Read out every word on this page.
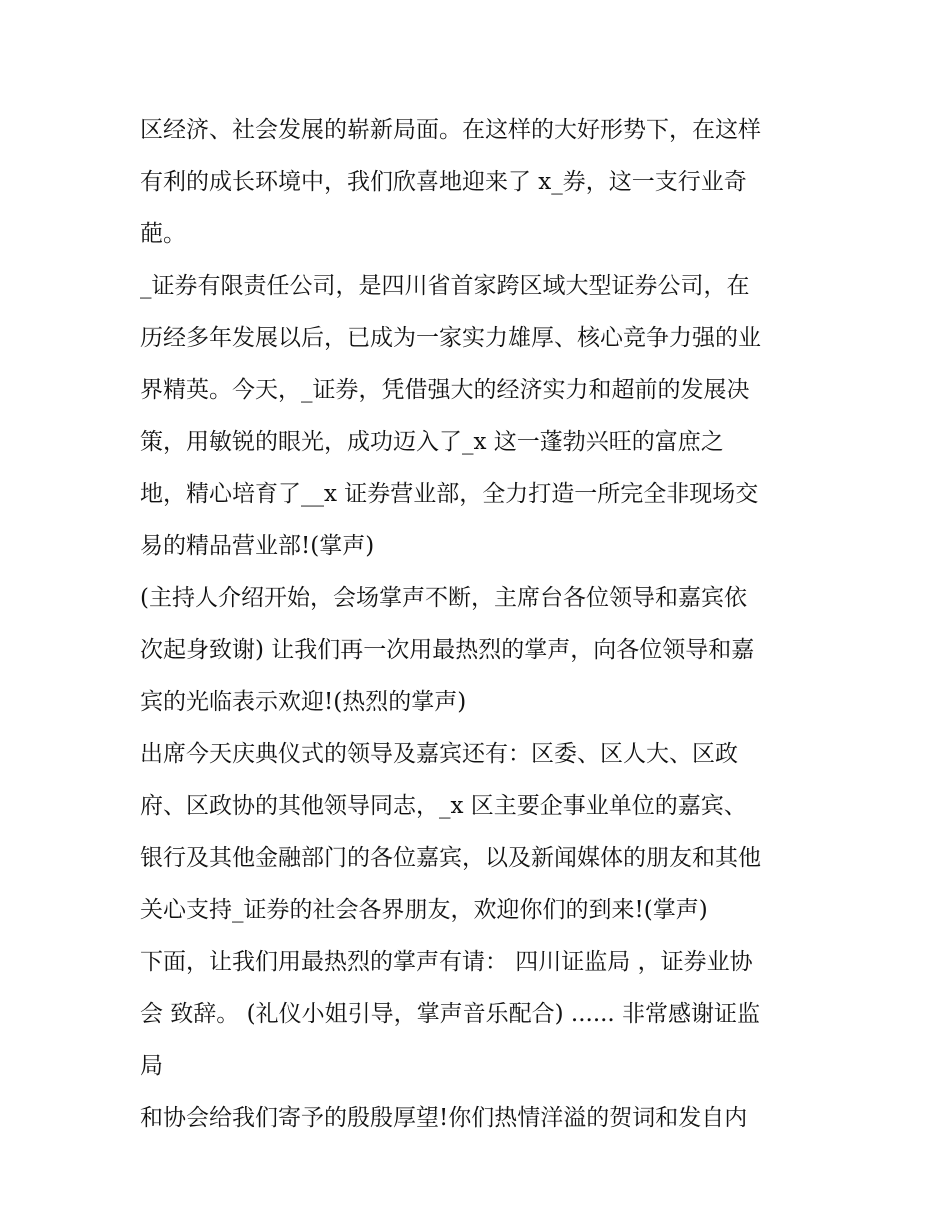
区经济、社会发展的崭新局面。在这样的大好形势下，在这样
有利的成长环境中，我们欣喜地迎来了 x_券，这一支行业奇
葩。
_证券有限责任公司，是四川省首家跨区域大型证券公司，在
历经多年发展以后，已成为一家实力雄厚、核心竞争力强的业
界精英。今天，_证券，凭借强大的经济实力和超前的发展决
策，用敏锐的眼光，成功迈入了_x 这一蓬勃兴旺的富庶之
地，精心培育了__x 证券营业部，全力打造一所完全非现场交
易的精品营业部!(掌声)
(主持人介绍开始，会场掌声不断，主席台各位领导和嘉宾依
次起身致谢) 让我们再一次用最热烈的掌声，向各位领导和嘉
宾的光临表示欢迎!(热烈的掌声)
出席今天庆典仪式的领导及嘉宾还有：区委、区人大、区政
府、区政协的其他领导同志，_x 区主要企事业单位的嘉宾、
银行及其他金融部门的各位嘉宾，以及新闻媒体的朋友和其他
关心支持_证券的社会各界朋友，欢迎你们的到来!(掌声)
下面，让我们用最热烈的掌声有请： 四川证监局 ，证券业协
会 致辞。 (礼仪小姐引导，掌声音乐配合) ...... 非常感谢证监
局
和协会给我们寄予的殷殷厚望!你们热情洋溢的贺词和发自内
